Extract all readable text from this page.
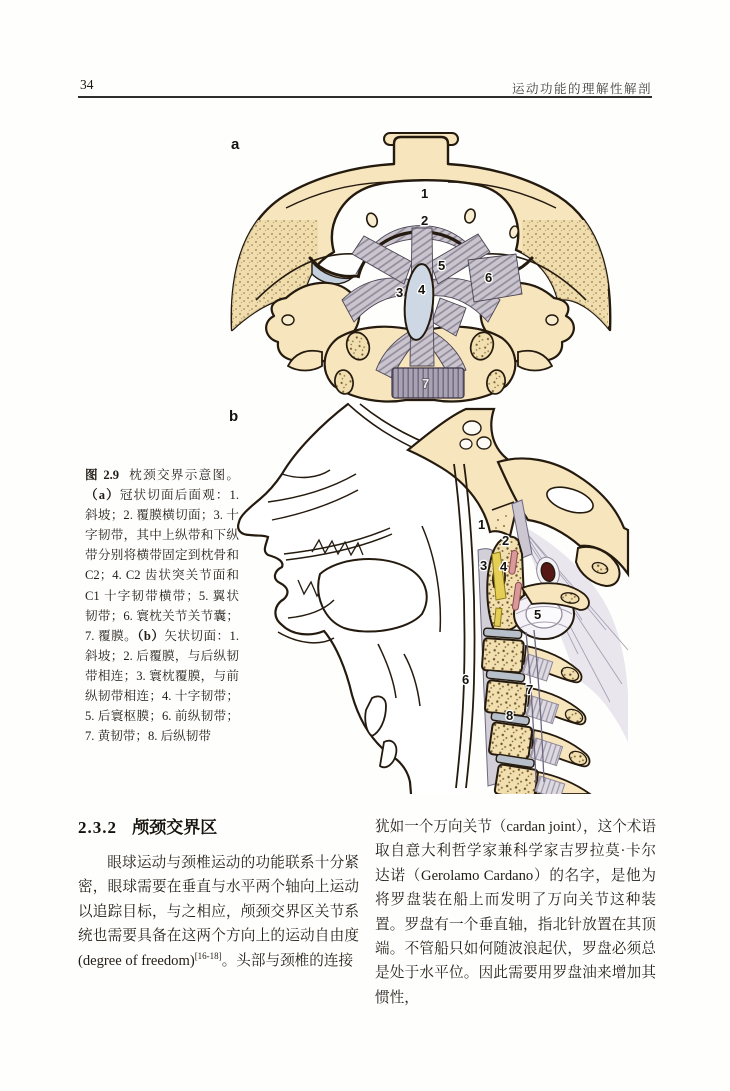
34	运动功能的理解性解剖
a
b
1
2
3 4
5
6
7
1
2
3 4
5
6
7
8
图 2.9 枕颈交界示意图。（a）冠状切面后面观：1. 斜坡；2. 覆膜横切面；3. 十字韧带，其中上纵带和下纵带分别将横带固定到枕骨和 C2；4. C2 齿状突关节面和 C1 十字韧带横带；5. 翼状韧带；6. 寰枕关节关节囊；7. 覆膜。（b）矢状切面：1. 斜坡；2. 后覆膜，与后纵韧带相连；3. 寰枕覆膜，与前纵韧带相连；4. 十字韧带；5. 后寰枢膜；6. 前纵韧带；7. 黄韧带；8. 后纵韧带
2.3.2 颅颈交界区

眼球运动与颈椎运动的功能联系十分紧密，眼球需要在垂直与水平两个轴向上运动以追踪目标，与之相应，颅颈交界区关节系统也需要具备在这两个方向上的运动自由度(degree of freedom)[16-18]。头部与颈椎的连接

犹如一个万向关节（cardan joint），这个术语取自意大利哲学家兼科学家吉罗拉莫·卡尔达诺（Gerolamo Cardano）的名字，是他为将罗盘装在船上而发明了万向关节这种装置。罗盘有一个垂直轴，指北针放置在其顶端。不管船只如何随波浪起伏，罗盘必须总是处于水平位。因此需要用罗盘油来增加其惯性，
